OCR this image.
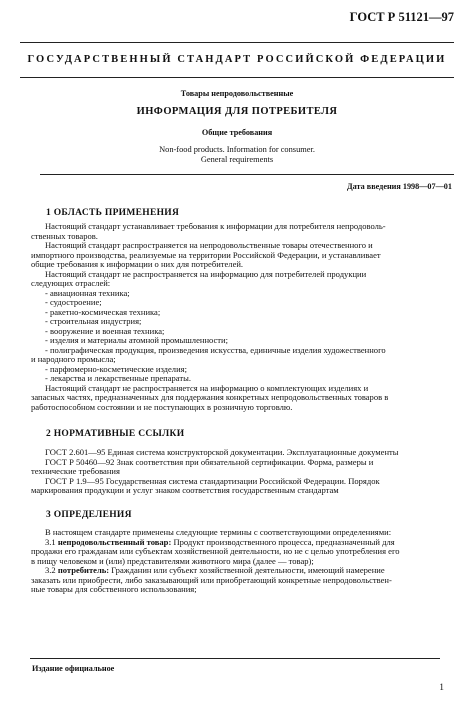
ГОСТ Р 51121—97
ГОСУДАРСТВЕННЫЙ СТАНДАРТ РОССИЙСКОЙ ФЕДЕРАЦИИ
Товары непродовольственные
ИНФОРМАЦИЯ ДЛЯ ПОТРЕБИТЕЛЯ
Общие требования
Non-food products. Information for consumer.
General requirements
Дата введения 1998—07—01
1 ОБЛАСТЬ ПРИМЕНЕНИЯ
Настоящий стандарт устанавливает требования к информации для потребителя непродоволь-
ственных товаров.
Настоящий стандарт распространяется на непродовольственные товары отечественного и
импортного производства, реализуемые на территории Российской Федерации, и устанавливает
общие требования к информации о них для потребителей.
Настоящий стандарт не распространяется на информацию для потребителей продукции
следующих отраслей:
- авиационная техника;
- судостроение;
- ракетно-космическая техника;
- строительная индустрия;
- вооружение и военная техника;
- изделия и материалы атомной промышленности;
- полиграфическая продукция, произведения искусства, единичные изделия художественного
и народного промысла;
- парфюмерно-косметические изделия;
- лекарства и лекарственные препараты.
Настоящий стандарт не распространяется на информацию о комплектующих изделиях и
запасных частях, предназначенных для поддержания конкретных непродовольственных товаров в
работоспособном состоянии и не поступающих в розничную торговлю.
2 НОРМАТИВНЫЕ ССЫЛКИ
ГОСТ 2.601—95 Единая система конструкторской документации. Эксплуатационные документы
ГОСТ Р 50460—92 Знак соответствия при обязательной сертификации. Форма, размеры и
технические требования
ГОСТ Р 1.9—95 Государственная система стандартизации Российской Федерации. Порядок
маркирования продукции и услуг знаком соответствия государственным стандартам
3 ОПРЕДЕЛЕНИЯ
В настоящем стандарте применены следующие термины с соответствующими определениями:
3.1 непродовольственный товар: Продукт производственного процесса, предназначенный для
продажи его гражданам или субъектам хозяйственной деятельности, но не с целью употребления его
в пищу человеком и (или) представителями животного мира (далее — товар);
3.2 потребитель: Гражданин или субъект хозяйственной деятельности, имеющий намерение
заказать или приобрести, либо заказывающий или приобретающий конкретные непродовольствен-
ные товары для собственного использования;
Издание официальное
1
